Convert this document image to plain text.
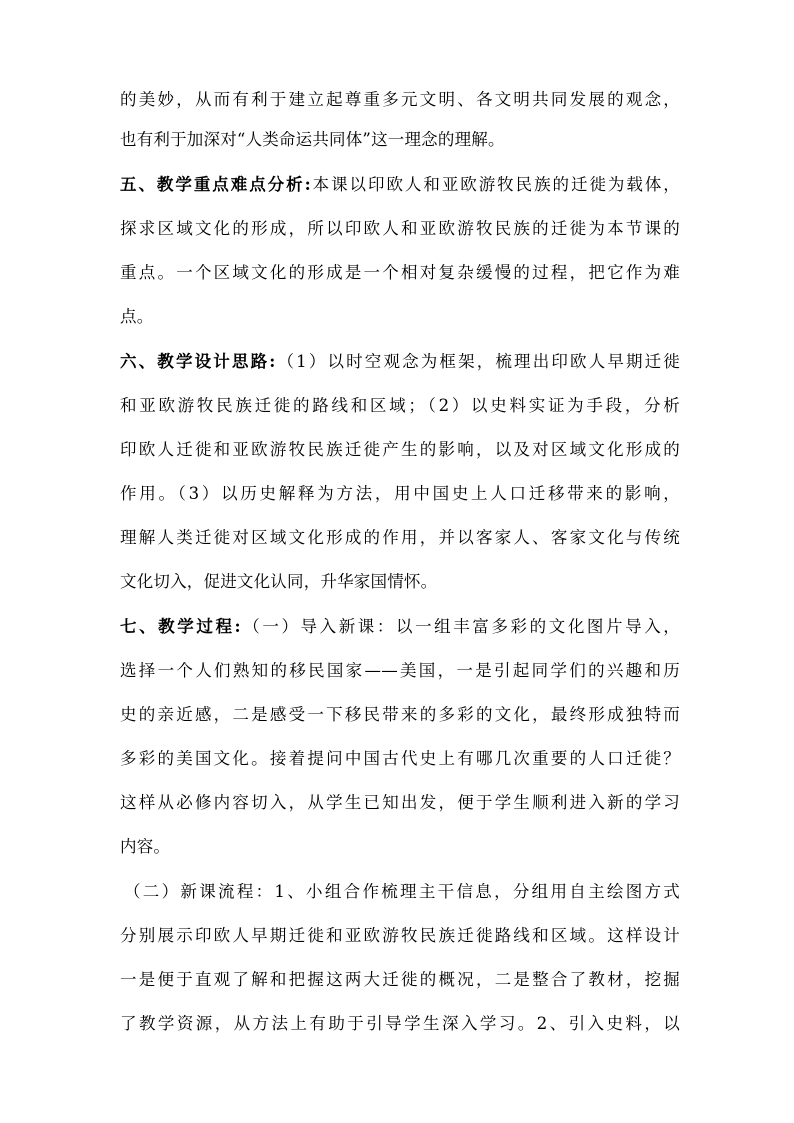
的美妙，从而有利于建立起尊重多元文明、各文明共同发展的观念，
也有利于加深对“人类命运共同体”这一理念的理解。
五、教学重点难点分析:本课以印欧人和亚欧游牧民族的迁徙为载体，
探求区域文化的形成，所以印欧人和亚欧游牧民族的迁徙为本节课的
重点。一个区域文化的形成是一个相对复杂缓慢的过程，把它作为难
点。
六、教学设计思路:（1）以时空观念为框架，梳理出印欧人早期迁徙
和亚欧游牧民族迁徙的路线和区域；（2）以史料实证为手段，分析
印欧人迁徙和亚欧游牧民族迁徙产生的影响，以及对区域文化形成的
作用。（3）以历史解释为方法，用中国史上人口迁移带来的影响，
理解人类迁徙对区域文化形成的作用，并以客家人、客家文化与传统
文化切入，促进文化认同，升华家国情怀。
七、教学过程:（一）导入新课：以一组丰富多彩的文化图片导入，
选择一个人们熟知的移民国家——美国，一是引起同学们的兴趣和历
史的亲近感，二是感受一下移民带来的多彩的文化，最终形成独特而
多彩的美国文化。接着提问中国古代史上有哪几次重要的人口迁徙？
这样从必修内容切入，从学生已知出发，便于学生顺利进入新的学习
内容。
（二）新课流程：1、小组合作梳理主干信息，分组用自主绘图方式
分别展示印欧人早期迁徙和亚欧游牧民族迁徙路线和区域。这样设计
一是便于直观了解和把握这两大迁徙的概况，二是整合了教材，挖掘
了教学资源，从方法上有助于引导学生深入学习。2、引入史料，以
